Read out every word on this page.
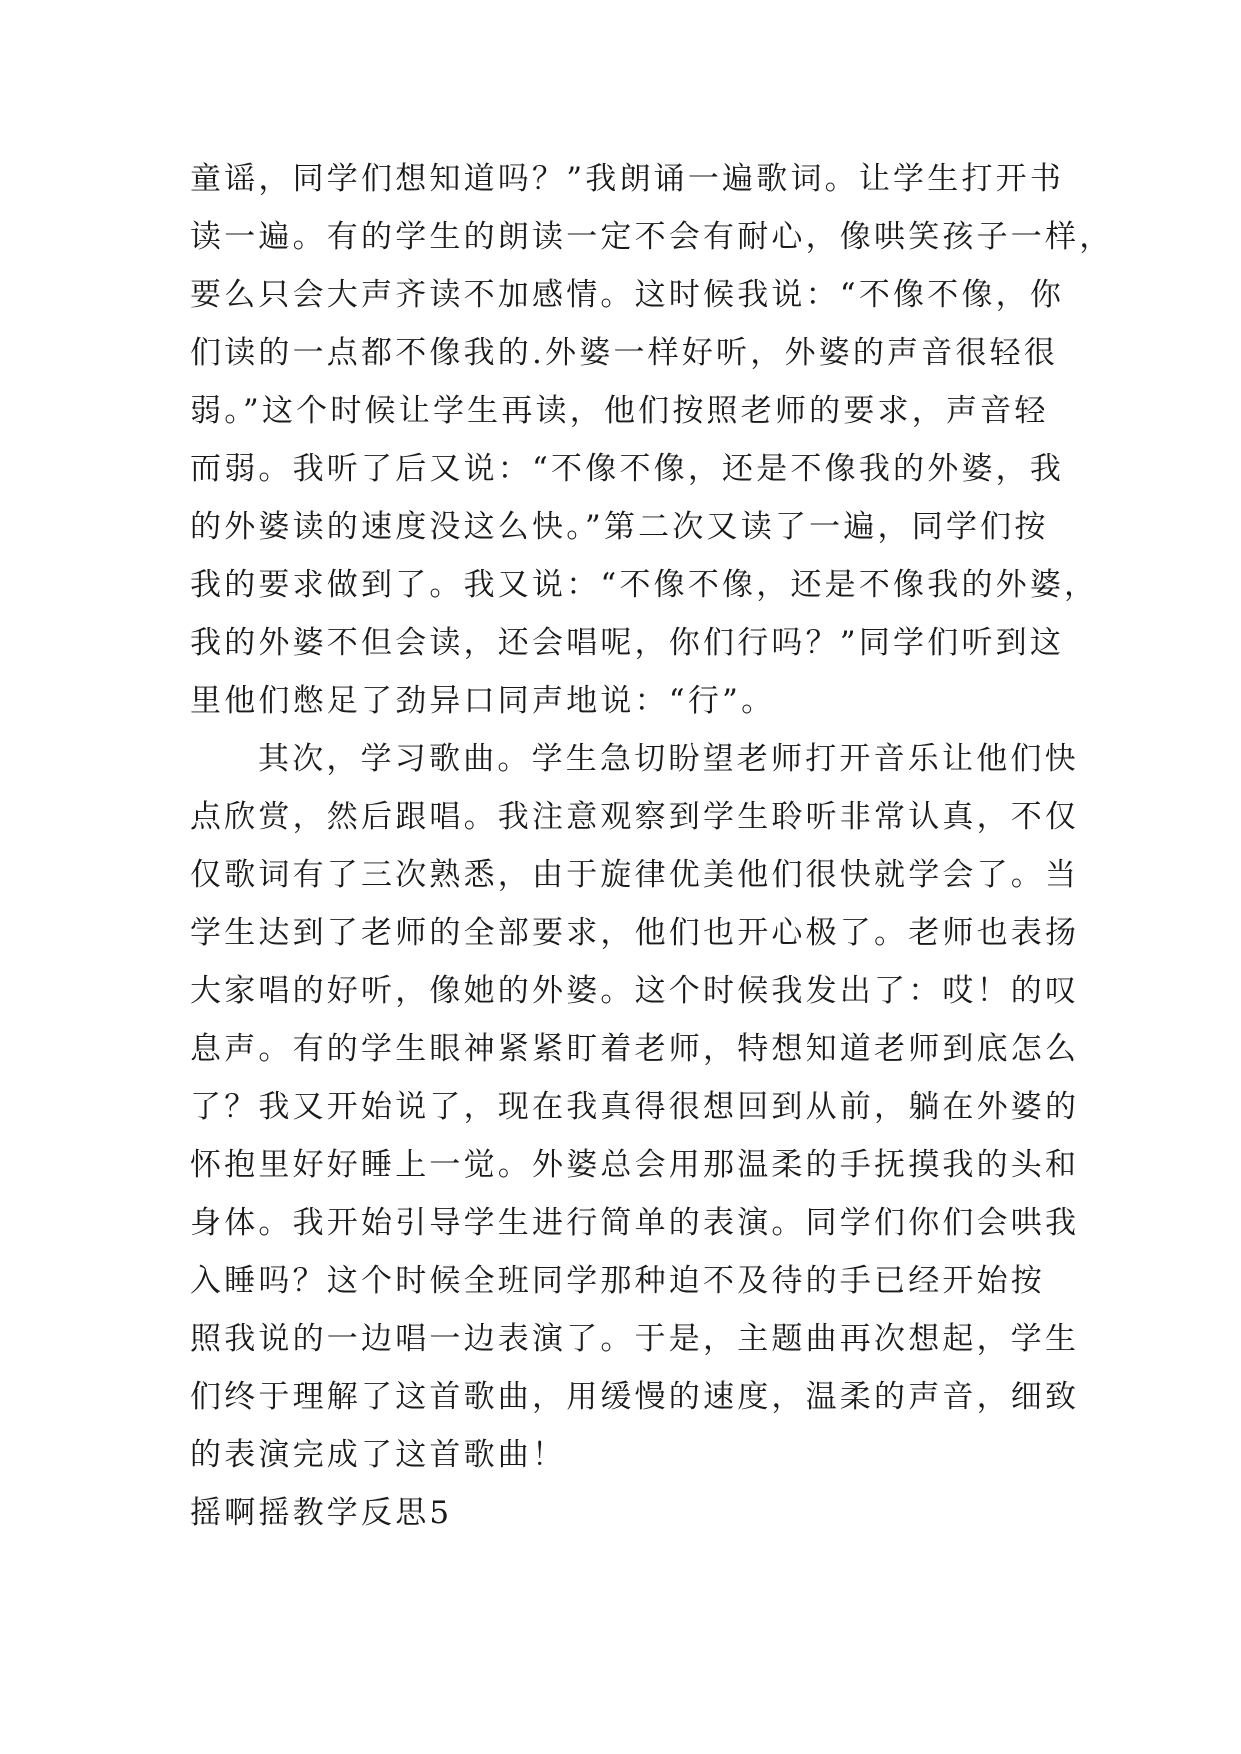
童谣，同学们想知道吗？”我朗诵一遍歌词。让学生打开书
读一遍。有的学生的朗读一定不会有耐心，像哄笑孩子一样，
要么只会大声齐读不加感情。这时候我说：“不像不像，你
们读的一点都不像我的.外婆一样好听，外婆的声音很轻很
弱。”这个时候让学生再读，他们按照老师的要求，声音轻
而弱。我听了后又说：“不像不像，还是不像我的外婆，我
的外婆读的速度没这么快。”第二次又读了一遍，同学们按
我的要求做到了。我又说：“不像不像，还是不像我的外婆，
我的外婆不但会读，还会唱呢，你们行吗？”同学们听到这
里他们憋足了劲异口同声地说：“行”。
其次，学习歌曲。学生急切盼望老师打开音乐让他们快
点欣赏，然后跟唱。我注意观察到学生聆听非常认真，不仅
仅歌词有了三次熟悉，由于旋律优美他们很快就学会了。当
学生达到了老师的全部要求，他们也开心极了。老师也表扬
大家唱的好听，像她的外婆。这个时候我发出了：哎！的叹
息声。有的学生眼神紧紧盯着老师，特想知道老师到底怎么
了？我又开始说了，现在我真得很想回到从前，躺在外婆的
怀抱里好好睡上一觉。外婆总会用那温柔的手抚摸我的头和
身体。我开始引导学生进行简单的表演。同学们你们会哄我
入睡吗？这个时候全班同学那种迫不及待的手已经开始按
照我说的一边唱一边表演了。于是，主题曲再次想起，学生
们终于理解了这首歌曲，用缓慢的速度，温柔的声音，细致
的表演完成了这首歌曲！
摇啊摇教学反思5
